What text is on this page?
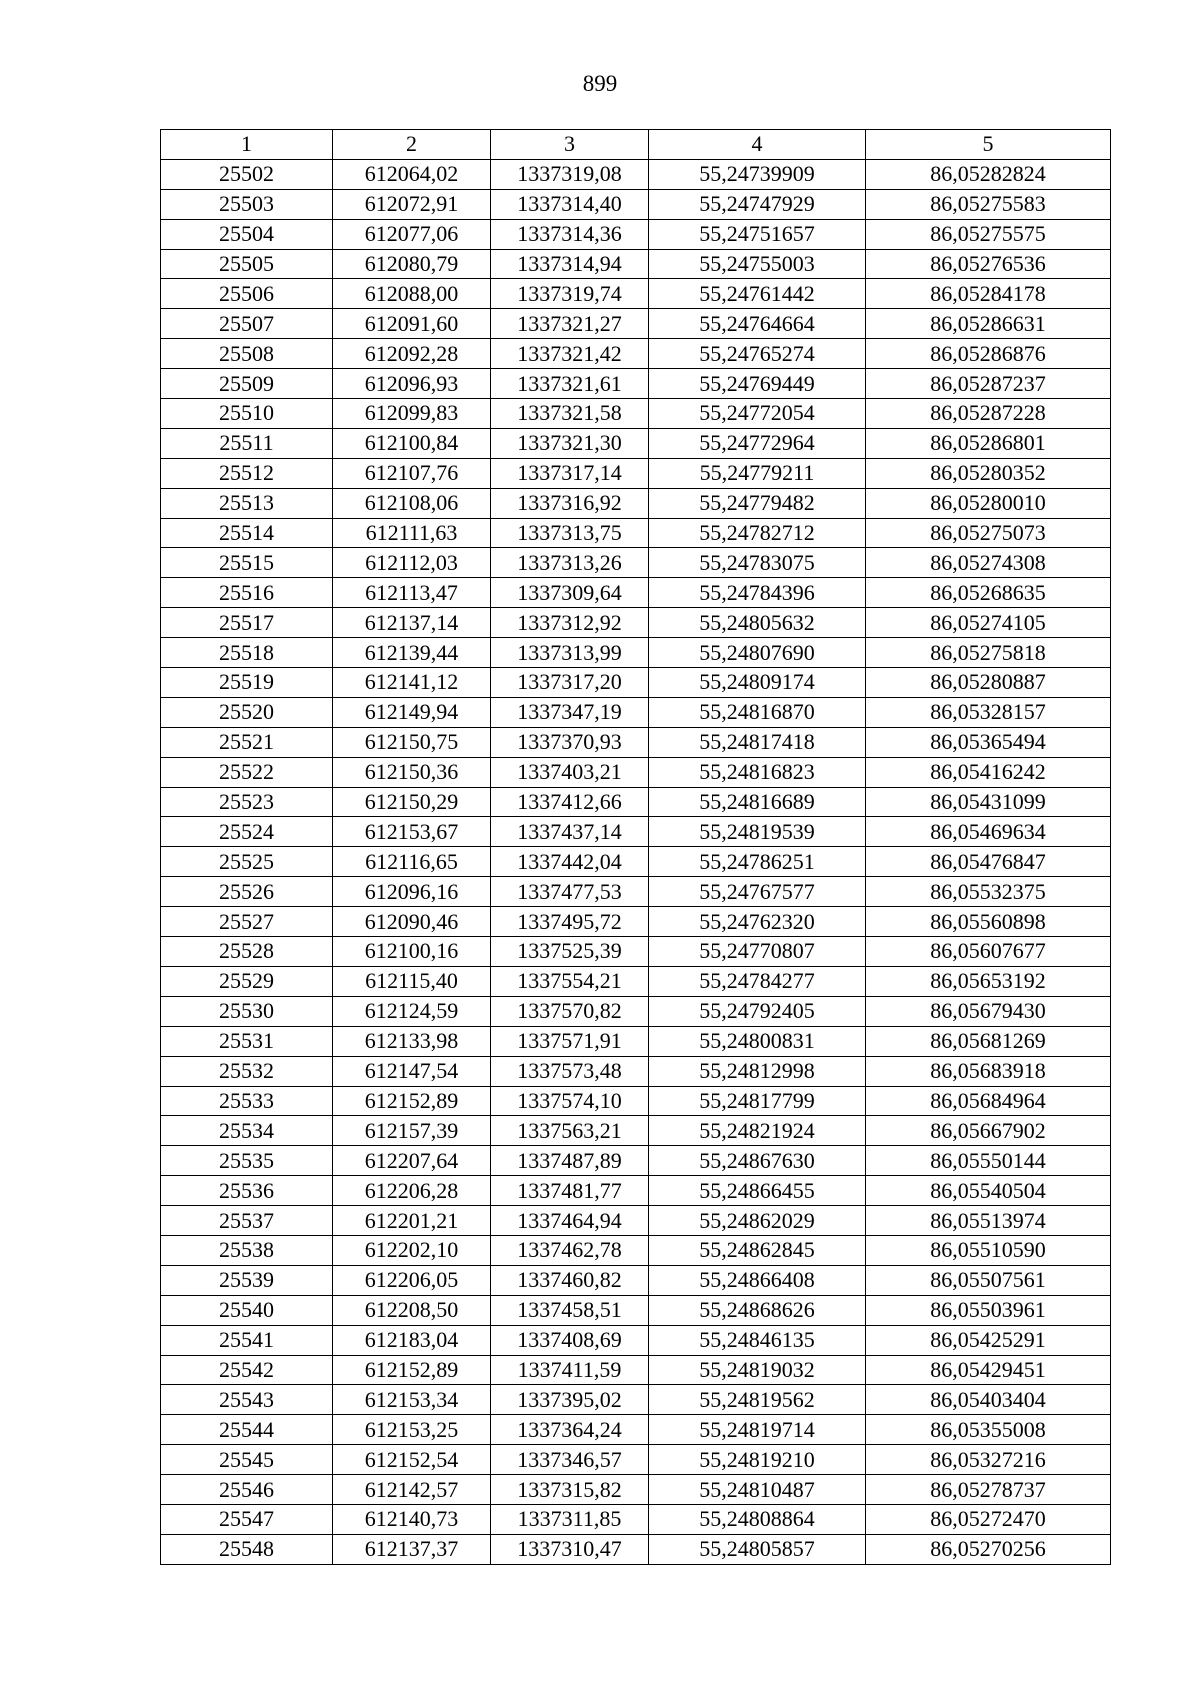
899
1	2	3	4	5
25502	612064,02	1337319,08	55,24739909	86,05282824
25503	612072,91	1337314,40	55,24747929	86,05275583
25504	612077,06	1337314,36	55,24751657	86,05275575
25505	612080,79	1337314,94	55,24755003	86,05276536
25506	612088,00	1337319,74	55,24761442	86,05284178
25507	612091,60	1337321,27	55,24764664	86,05286631
25508	612092,28	1337321,42	55,24765274	86,05286876
25509	612096,93	1337321,61	55,24769449	86,05287237
25510	612099,83	1337321,58	55,24772054	86,05287228
25511	612100,84	1337321,30	55,24772964	86,05286801
25512	612107,76	1337317,14	55,24779211	86,05280352
25513	612108,06	1337316,92	55,24779482	86,05280010
25514	612111,63	1337313,75	55,24782712	86,05275073
25515	612112,03	1337313,26	55,24783075	86,05274308
25516	612113,47	1337309,64	55,24784396	86,05268635
25517	612137,14	1337312,92	55,24805632	86,05274105
25518	612139,44	1337313,99	55,24807690	86,05275818
25519	612141,12	1337317,20	55,24809174	86,05280887
25520	612149,94	1337347,19	55,24816870	86,05328157
25521	612150,75	1337370,93	55,24817418	86,05365494
25522	612150,36	1337403,21	55,24816823	86,05416242
25523	612150,29	1337412,66	55,24816689	86,05431099
25524	612153,67	1337437,14	55,24819539	86,05469634
25525	612116,65	1337442,04	55,24786251	86,05476847
25526	612096,16	1337477,53	55,24767577	86,05532375
25527	612090,46	1337495,72	55,24762320	86,05560898
25528	612100,16	1337525,39	55,24770807	86,05607677
25529	612115,40	1337554,21	55,24784277	86,05653192
25530	612124,59	1337570,82	55,24792405	86,05679430
25531	612133,98	1337571,91	55,24800831	86,05681269
25532	612147,54	1337573,48	55,24812998	86,05683918
25533	612152,89	1337574,10	55,24817799	86,05684964
25534	612157,39	1337563,21	55,24821924	86,05667902
25535	612207,64	1337487,89	55,24867630	86,05550144
25536	612206,28	1337481,77	55,24866455	86,05540504
25537	612201,21	1337464,94	55,24862029	86,05513974
25538	612202,10	1337462,78	55,24862845	86,05510590
25539	612206,05	1337460,82	55,24866408	86,05507561
25540	612208,50	1337458,51	55,24868626	86,05503961
25541	612183,04	1337408,69	55,24846135	86,05425291
25542	612152,89	1337411,59	55,24819032	86,05429451
25543	612153,34	1337395,02	55,24819562	86,05403404
25544	612153,25	1337364,24	55,24819714	86,05355008
25545	612152,54	1337346,57	55,24819210	86,05327216
25546	612142,57	1337315,82	55,24810487	86,05278737
25547	612140,73	1337311,85	55,24808864	86,05272470
25548	612137,37	1337310,47	55,24805857	86,05270256
